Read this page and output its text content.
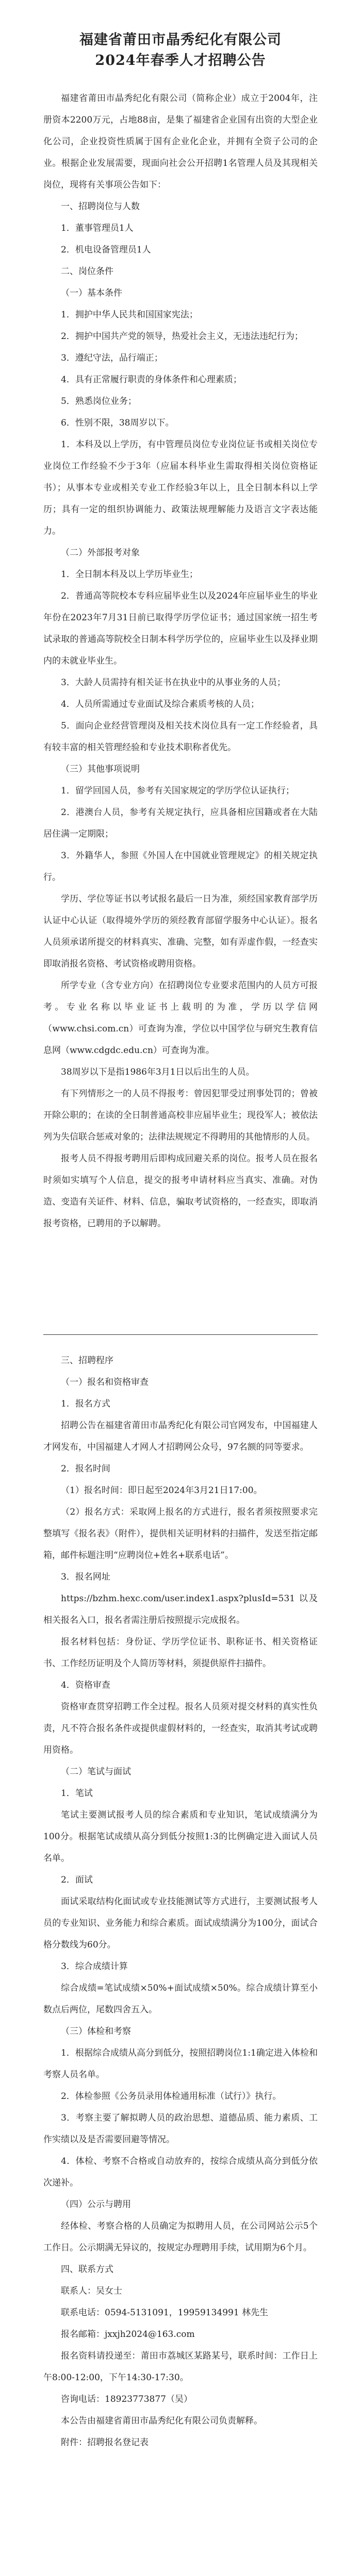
福建省莆田市晶秀纪化有限公司
2024年春季人才招聘公告

福建省莆田市晶秀纪化有限公司（简称企业）成立于2004年，注册资本2200万元，占地88亩，是集了福建省企业国有出资的大型企业化公司，企业投资性质属于国有企业化企业，并拥有全资子公司的企业。根据企业发展需要，现面向社会公开招聘1名管理人员及其现相关岗位，现将有关事项公告如下：

一、招聘岗位与人数

1．董事管理员1人

2．机电设备管理员1人

二、岗位条件

（一）基本条件

1．拥护中华人民共和国国家宪法；

2．拥护中国共产党的领导，热爱社会主义，无违法违纪行为；

3．遵纪守法，品行端正；

4．具有正常履行职责的身体条件和心理素质；

5．熟悉岗位业务；

6．性别不限，38周岁以下。

1．本科及以上学历，有中管理员岗位专业岗位证书或相关岗位专业岗位工作经验不少于3年（应届本科毕业生需取得相关岗位资格证书）；从事本专业或相关专业工作经验3年以上，且全日制本科以上学历；具有一定的组织协调能力、政策法规理解能力及语言文字表达能力。

（二）外部报考对象

1．全日制本科及以上学历毕业生；

2．普通高等院校本专科应届毕业生以及2024年应届毕业生的毕业年份在2023年7月31日前已取得学历学位证书；通过国家统一招生考试录取的普通高等院校全日制本科学历学位的，应届毕业生以及择业期内的未就业毕业生。

3．大龄人员需持有相关证书在执业中的从事业务的人员；

4．人员所需通过专业面试及综合素质考核的人员；

5．面向企业经营管理岗及相关技术岗位具有一定工作经验者，具有较丰富的相关管理经验和专业技术职称者优先。

（三）其他事项说明

1．留学回国人员，参考有关国家规定的学历学位认证执行；

2．港澳台人员，参考有关规定执行，应具备相应国籍或者在大陆居住满一定期限；

3．外籍华人，参照《外国人在中国就业管理规定》的相关规定执行。

学历、学位等证书以考试报名最后一日为准，须经国家教育部学历认证中心认证（取得境外学历的须经教育部留学服务中心认证）。报名人员须承诺所提交的材料真实、准确、完整，如有弄虚作假，一经查实即取消报名资格、考试资格或聘用资格。

所学专业（含专业方向）在招聘岗位专业要求范围内的人员方可报考。专业名称以毕业证书上载明的为准，学历以学信网（www.chsi.com.cn）可查询为准，学位以中国学位与研究生教育信息网（www.cdgdc.edu.cn）可查询为准。

38周岁以下是指1986年3月1日以后出生的人员。

有下列情形之一的人员不得报考：曾因犯罪受过刑事处罚的；曾被开除公职的；在读的全日制普通高校非应届毕业生；现役军人；被依法列为失信联合惩戒对象的；法律法规规定不得聘用的其他情形的人员。

报考人员不得报考聘用后即构成回避关系的岗位。报考人员在报名时须如实填写个人信息，提交的报考申请材料应当真实、准确。对伪造、变造有关证件、材料、信息，骗取考试资格的，一经查实，即取消报考资格，已聘用的予以解聘。

三、招聘程序

（一）报名和资格审查

1．报名方式

招聘公告在福建省莆田市晶秀纪化有限公司官网发布，中国福建人才网发布，中国福建人才网人才招聘网公众号，97名额的同等要求。

2．报名时间

（1）报名时间：即日起至2024年3月21日17:00。

（2）报名方式：采取网上报名的方式进行，报名者须按照要求完整填写《报名表》（附件），提供相关证明材料的扫描件，发送至指定邮箱，邮件标题注明“应聘岗位+姓名+联系电话”。

3．报名网址

https://bzhm.hexc.com/user.index1.aspx?plusId=531 以及相关报名入口，报名者需注册后按照提示完成报名。

报名材料包括：身份证、学历学位证书、职称证书、相关资格证书、工作经历证明及个人简历等材料，须提供原件扫描件。

4．资格审查

资格审查贯穿招聘工作全过程。报名人员须对提交材料的真实性负责，凡不符合报名条件或提供虚假材料的，一经查实，取消其考试或聘用资格。

（二）笔试与面试

1．笔试

笔试主要测试报考人员的综合素质和专业知识，笔试成绩满分为100分。根据笔试成绩从高分到低分按照1:3的比例确定进入面试人员名单。

2．面试

面试采取结构化面试或专业技能测试等方式进行，主要测试报考人员的专业知识、业务能力和综合素质。面试成绩满分为100分，面试合格分数线为60分。

3．综合成绩计算

综合成绩=笔试成绩×50%+面试成绩×50%。综合成绩计算至小数点后两位，尾数四舍五入。

（三）体检和考察

1．根据综合成绩从高分到低分，按照招聘岗位1:1确定进入体检和考察人员名单。

2．体检参照《公务员录用体检通用标准（试行）》执行。

3．考察主要了解拟聘人员的政治思想、道德品质、能力素质、工作实绩以及是否需要回避等情况。

4．体检、考察不合格或自动放弃的，按综合成绩从高分到低分依次递补。

（四）公示与聘用

经体检、考察合格的人员确定为拟聘用人员，在公司网站公示5个工作日。公示期满无异议的，按规定办理聘用手续，试用期为6个月。

四、联系方式

联系人：吴女士

联系电话：0594-5131091，19959134991 林先生

报名邮箱：jxxjh2024@163.com

报名资料请投递至：莆田市荔城区某路某号，联系时间：工作日上午8:00-12:00，下午14:30-17:30。

咨询电话：18923773877（吴）

本公告由福建省莆田市晶秀纪化有限公司负责解释。

附件：招聘报名登记表
